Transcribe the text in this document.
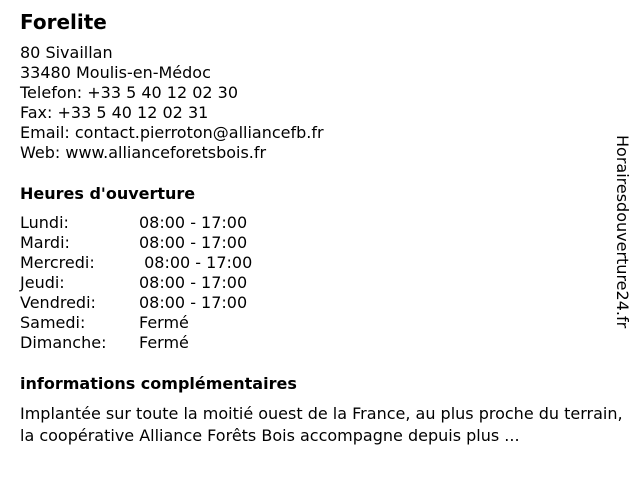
Forelite
80 Sivaillan
33480 Moulis-en-Médoc
Telefon: +33 5 40 12 02 30
Fax: +33 5 40 12 02 31
Email: contact.pierroton@alliancefb.fr
Web: www.allianceforetsbois.fr
Heures d'ouverture
Lundi:	08:00 - 17:00
Mardi:	08:00 - 17:00
Mercredi:	08:00 - 17:00
Jeudi:	08:00 - 17:00
Vendredi:	08:00 - 17:00
Samedi:	Fermé
Dimanche:	Fermé
informations complémentaires
Implantée sur toute la moitié ouest de la France, au plus proche du terrain, la coopérative Alliance Forêts Bois accompagne depuis plus ...
Horairesdouverture24.fr
